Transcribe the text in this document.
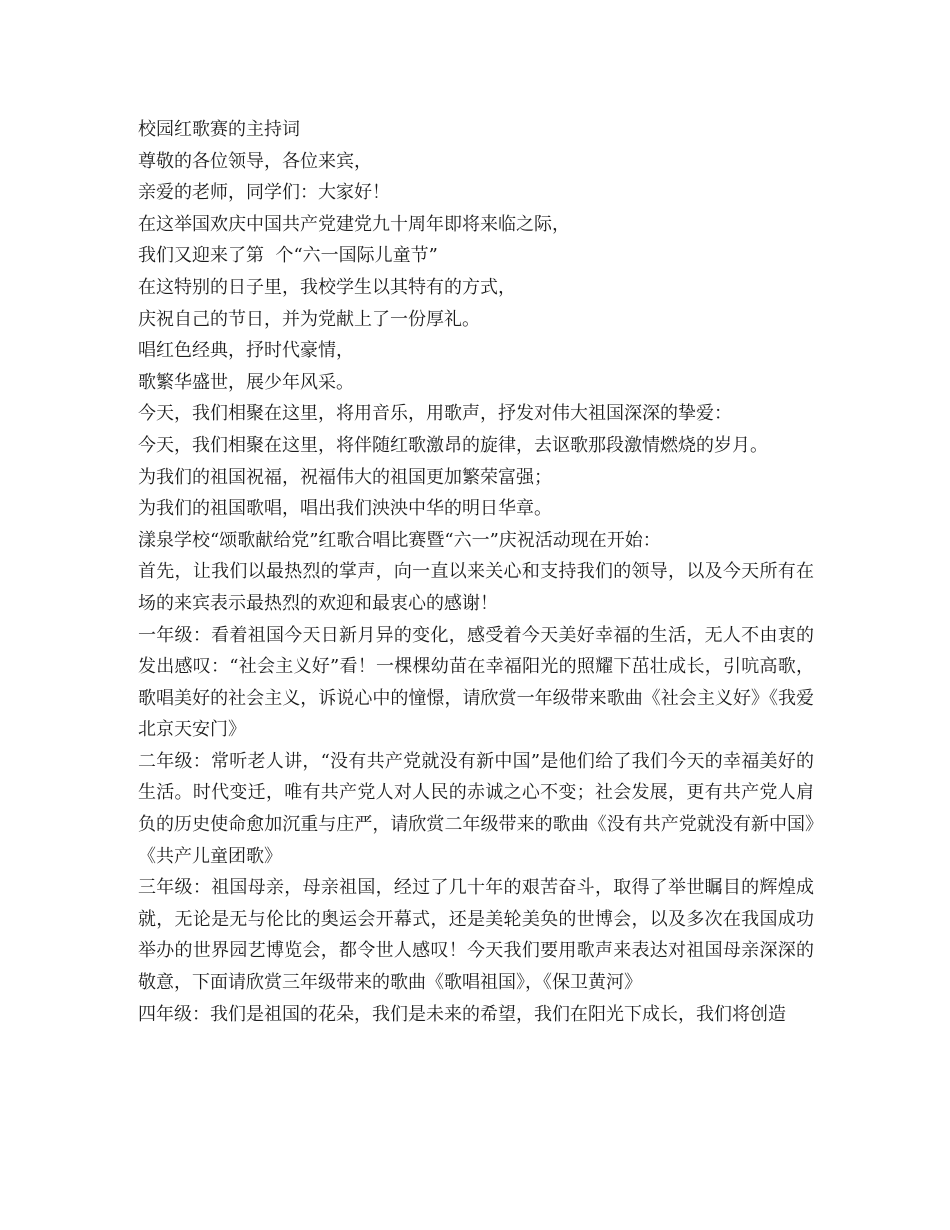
校园红歌赛的主持词
尊敬的各位领导，各位来宾，
亲爱的老师，同学们：大家好！
在这举国欢庆中国共产党建党九十周年即将来临之际，
我们又迎来了第  个“六一国际儿童节”
在这特别的日子里，我校学生以其特有的方式，
庆祝自己的节日，并为党献上了一份厚礼。
唱红色经典，抒时代豪情，
歌繁华盛世，展少年风采。
今天，我们相聚在这里，将用音乐，用歌声，抒发对伟大祖国深深的挚爱：
今天，我们相聚在这里，将伴随红歌激昂的旋律，去讴歌那段激情燃烧的岁月。
为我们的祖国祝福，祝福伟大的祖国更加繁荣富强；
为我们的祖国歌唱，唱出我们泱泱中华的明日华章。
漾泉学校“颂歌献给党”红歌合唱比赛暨“六一”庆祝活动现在开始：
首先，让我们以最热烈的掌声，向一直以来关心和支持我们的领导，以及今天所有在场的来宾表示最热烈的欢迎和最衷心的感谢！
一年级：看着祖国今天日新月异的变化，感受着今天美好幸福的生活，无人不由衷的发出感叹：“社会主义好”看！一棵棵幼苗在幸福阳光的照耀下茁壮成长，引吭高歌，歌唱美好的社会主义，诉说心中的憧憬，请欣赏一年级带来歌曲《社会主义好》《我爱北京天安门》
二年级：常听老人讲，“没有共产党就没有新中国”是他们给了我们今天的幸福美好的生活。时代变迁，唯有共产党人对人民的赤诚之心不变；社会发展，更有共产党人肩负的历史使命愈加沉重与庄严，请欣赏二年级带来的歌曲《没有共产党就没有新中国》《共产儿童团歌》
三年级：祖国母亲，母亲祖国，经过了几十年的艰苦奋斗，取得了举世瞩目的辉煌成就，无论是无与伦比的奥运会开幕式，还是美轮美奂的世博会，以及多次在我国成功举办的世界园艺博览会，都令世人感叹！今天我们要用歌声来表达对祖国母亲深深的敬意，下面请欣赏三年级带来的歌曲《歌唱祖国》，《保卫黄河》
四年级：我们是祖国的花朵，我们是未来的希望，我们在阳光下成长，我们将创造
